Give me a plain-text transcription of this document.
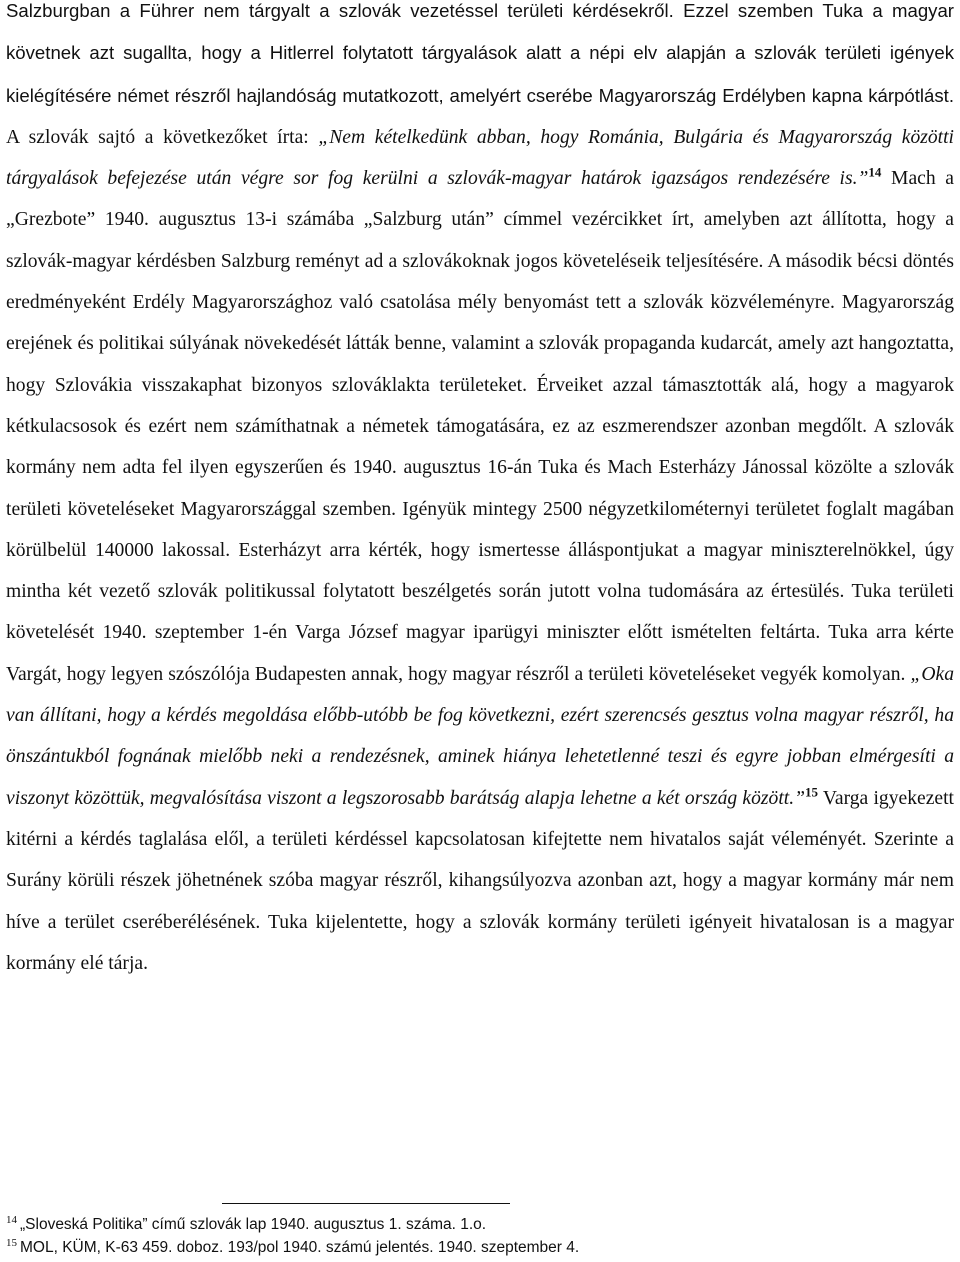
Salzburgban a Führer nem tárgyalt a szlovák vezetéssel területi kérdésekről. Ezzel szemben Tuka a magyar követnek azt sugallta, hogy a Hitlerrel folytatott tárgyalások alatt a népi elv alapján a szlovák területi igények kielégítésére német részről hajlandóság mutatkozott, amelyért cserébe Magyarország Erdélyben kapna kárpótlást. A szlovák sajtó a következőket írta: „Nem kételkedünk abban, hogy Románia, Bulgária és Magyarország közötti tárgyalások befejezése után végre sor fog kerülni a szlovák-magyar határok igazságos rendezésére is.”$^{14}$ Mach a „Grezbote” 1940. augusztus 13-i számába „Salzburg után” címmel vezércikket írt, amelyben azt állította, hogy a szlovák-magyar kérdésben Salzburg reményt ad a szlovákoknak jogos követeléseik teljesítésére. A második bécsi döntés eredményeként Erdély Magyarországhoz való csatolása mély benyomást tett a szlovák közvéleményre. Magyarország erejének és politikai súlyának növekedését látták benne, valamint a szlovák propaganda kudarcát, amely azt hangoztatta, hogy Szlovákia visszakaphat bizonyos szlováklakta területeket. Érveiket azzal támasztották alá, hogy a magyarok kétkulacsosok és ezért nem számíthatnak a németek támogatására, ez az eszmerendszer azonban megdőlt. A szlovák kormány nem adta fel ilyen egyszerűen és 1940. augusztus 16-án Tuka és Mach Esterházy Jánossal közölte a szlovák területi követeléseket Magyarországgal szemben. Igényük mintegy 2500 négyzetkilométernyi területet foglalt magában körülbelül 140000 lakossal. Esterházyt arra kérték, hogy ismertesse álláspontjukat a magyar miniszterelnökkel, úgy mintha két vezető szlovák politikussal folytatott beszélgetés során jutott volna tudomására az értesülés. Tuka területi követelését 1940. szeptember 1-én Varga József magyar iparügyi miniszter előtt ismételten feltárta. Tuka arra kérte Vargát, hogy legyen szószólója Budapesten annak, hogy magyar részről a területi követeléseket vegyék komolyan. „Oka van állítani, hogy a kérdés megoldása előbb-utóbb be fog következni, ezért szerencsés gesztus volna magyar részről, ha önszántukból fognának mielőbb neki a rendezésnek, aminek hiánya lehetetlenné teszi és egyre jobban elmérgesíti a viszonyt közöttük, megvalósítása viszont a legszorosabb barátság alapja lehetne a két ország között.”$^{15}$ Varga igyekezett kitérni a kérdés taglalása elől, a területi kérdéssel kapcsolatosan kifejtette nem hivatalos saját véleményét. Szerinte a Surány körüli részek jöhetnének szóba magyar részről, kihangsúlyozva azonban azt, hogy a magyar kormány már nem híve a terület cseréberélésének. Tuka kijelentette, hogy a szlovák kormány területi igényeit hivatalosan is a magyar kormány elé tárja.

$^{14}$ „Sloveská Politika” című szlovák lap 1940. augusztus 1. száma. 1.o.

$^{15}$ MOL, KÜM, K-63 459. doboz. 193/pol 1940. számú jelentés. 1940. szeptember 4.
